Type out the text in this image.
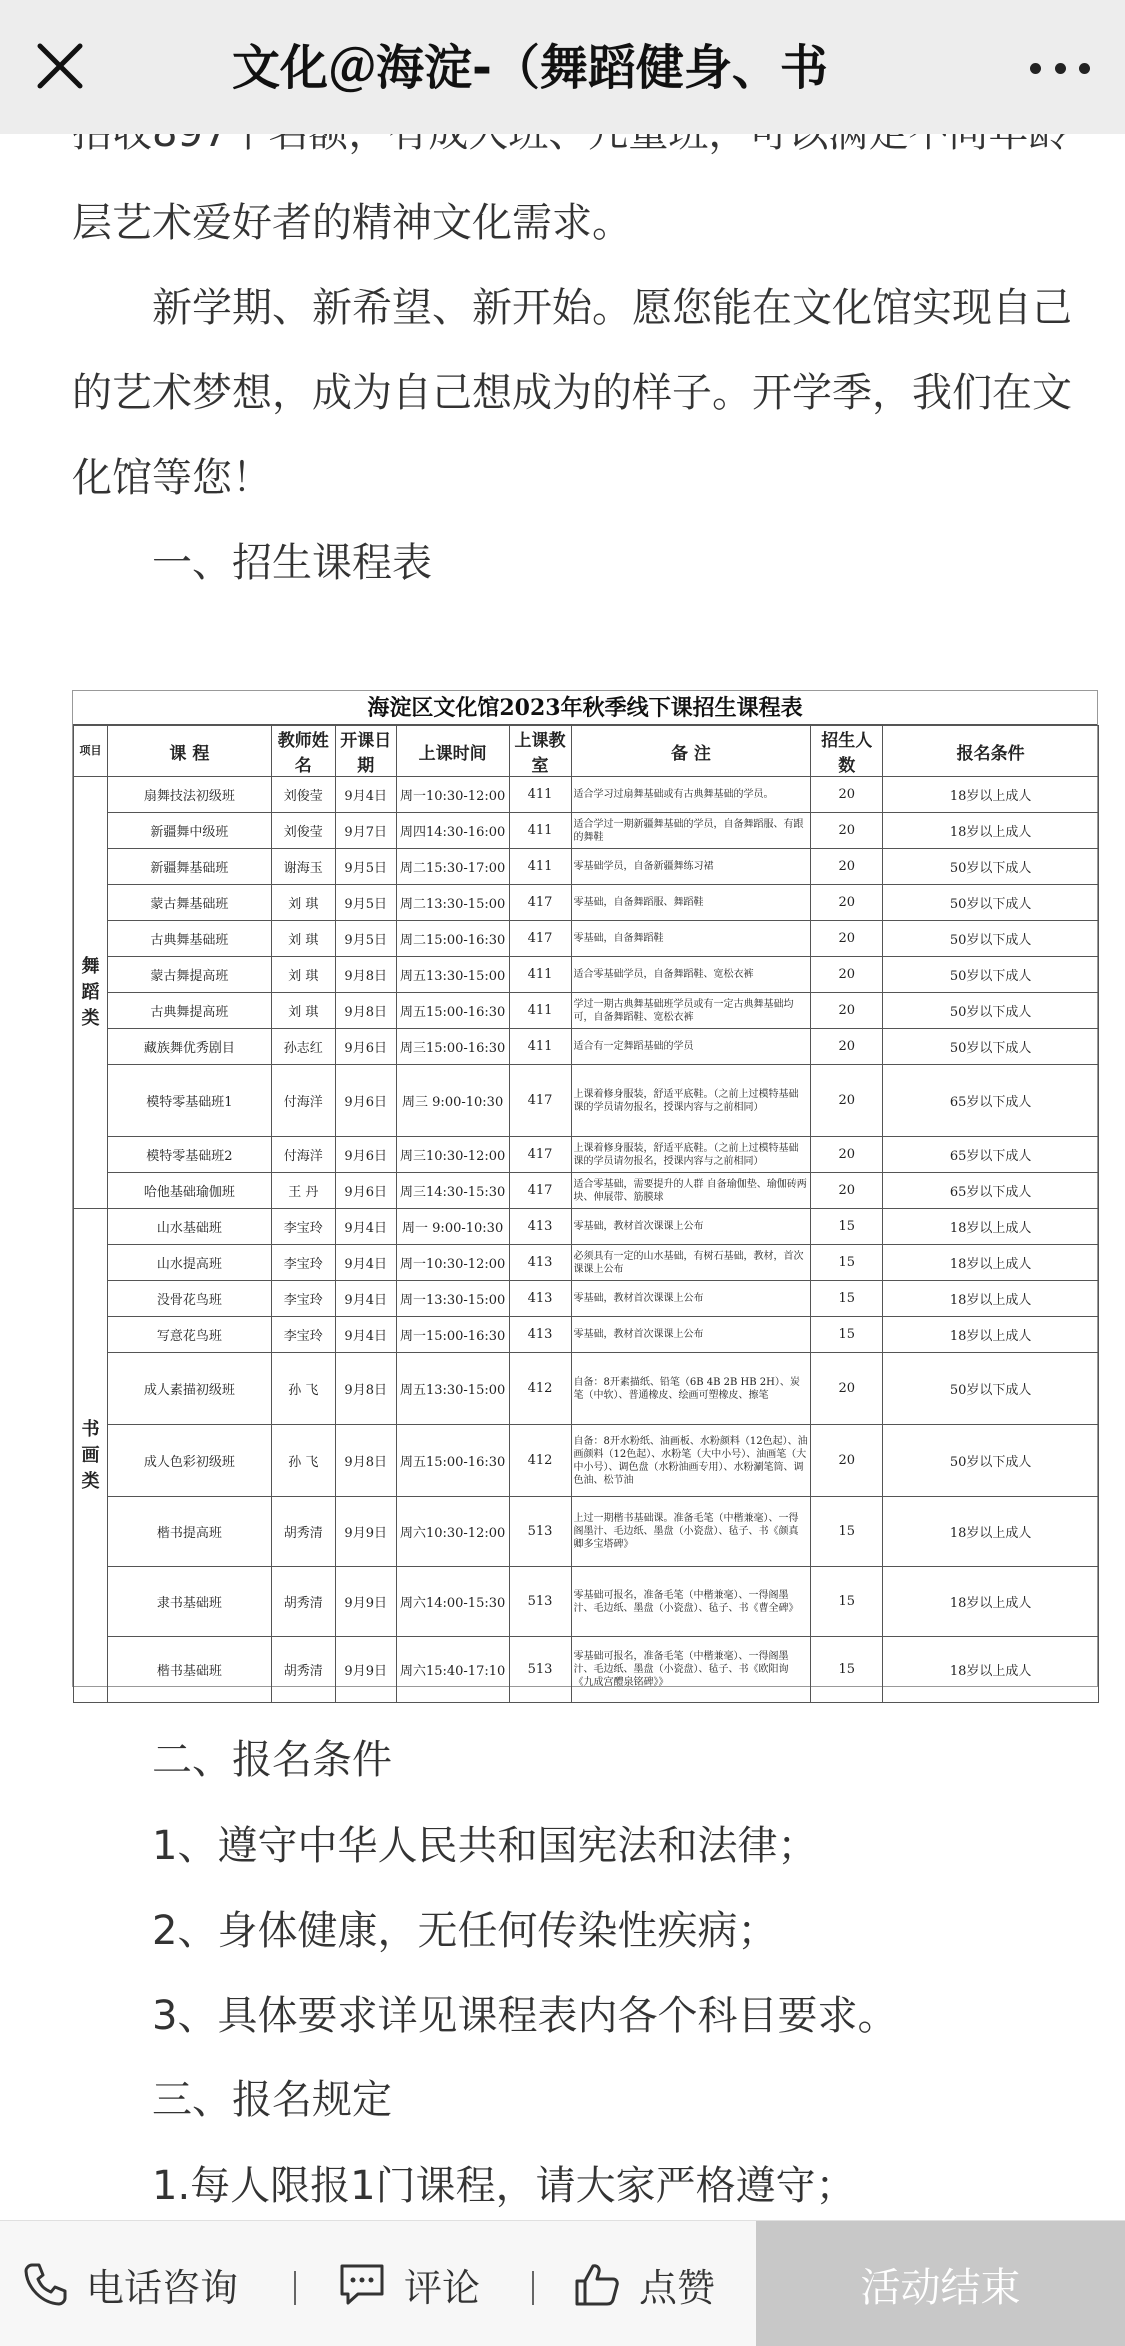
层艺术爱好者的精神文化需求。
新学期、新希望、新开始。愿您能在文化馆实现自己
的艺术梦想，成为自己想成为的样子。开学季，我们在文
化馆等您！
一、招生课程表
海淀区文化馆2023年秋季线下课招生课程表
项目	课 程	教师姓名	开课日期	上课时间	上课教室	备 注	招生人数	报名条件
舞
蹈
类	扇舞技法初级班	刘俊莹	9月4日	周一10:30-12:00	411	适合学习过扇舞基础或有古典舞基础的学员。	20	18岁以上成人
	新疆舞中级班	刘俊莹	9月7日	周四14:30-16:00	411	适合学过一期新疆舞基础的学员，自备舞蹈服、有跟的舞鞋	20	18岁以上成人
	新疆舞基础班	谢海玉	9月5日	周二15:30-17:00	411	零基础学员，自备新疆舞练习裙	20	50岁以下成人
	蒙古舞基础班	刘 琪	9月5日	周二13:30-15:00	417	零基础，自备舞蹈服、舞蹈鞋	20	50岁以下成人
	古典舞基础班	刘 琪	9月5日	周二15:00-16:30	417	零基础，自备舞蹈鞋	20	50岁以下成人
	蒙古舞提高班	刘 琪	9月8日	周五13:30-15:00	411	适合零基础学员，自备舞蹈鞋、宽松衣裤	20	50岁以下成人
	古典舞提高班	刘 琪	9月8日	周五15:00-16:30	411	学过一期古典舞基础班学员或有一定古典舞基础均可，自备舞蹈鞋、宽松衣裤	20	50岁以下成人
	藏族舞优秀剧目	孙志红	9月6日	周三15:00-16:30	411	适合有一定舞蹈基础的学员	20	50岁以下成人
	模特零基础班1	付海洋	9月6日	周三 9:00-10:30	417	上课着修身服装，舒适平底鞋。（之前上过模特基础课的学员请勿报名，授课内容与之前相同）	20	65岁以下成人
	模特零基础班2	付海洋	9月6日	周三10:30-12:00	417	上课着修身服装，舒适平底鞋。（之前上过模特基础课的学员请勿报名，授课内容与之前相同）	20	65岁以下成人
	哈他基础瑜伽班	王 丹	9月6日	周三14:30-15:30	417	适合零基础，需要提升的人群 自备瑜伽垫、瑜伽砖两块、伸展带、筋膜球	20	65岁以下成人
书
画
类	山水基础班	李宝玲	9月4日	周一 9:00-10:30	413	零基础，教材首次课课上公布	15	18岁以上成人
	山水提高班	李宝玲	9月4日	周一10:30-12:00	413	必须具有一定的山水基础，有树石基础，教材，首次课课上公布	15	18岁以上成人
	没骨花鸟班	李宝玲	9月4日	周一13:30-15:00	413	零基础，教材首次课课上公布	15	18岁以上成人
	写意花鸟班	李宝玲	9月4日	周一15:00-16:30	413	零基础，教材首次课课上公布	15	18岁以上成人
	成人素描初级班	孙 飞	9月8日	周五13:30-15:00	412	自备：8开素描纸、铅笔（6B 4B 2B HB 2H）、炭笔（中软）、普通橡皮、绘画可塑橡皮、擦笔	20	50岁以下成人
	成人色彩初级班	孙 飞	9月8日	周五15:00-16:30	412	自备：8开水粉纸、油画板、水粉颜料（12色起）、油画颜料（12色起）、水粉笔（大中小号）、油画笔（大中小号）、调色盘（水粉油画专用）、水粉涮笔筒、调色油、松节油	20	50岁以下成人
	楷书提高班	胡秀清	9月9日	周六10:30-12:00	513	上过一期楷书基础课。准备毛笔（中楷兼毫）、一得阁墨汁、毛边纸、墨盘（小瓷盘）、毡子、书《颜真卿多宝塔碑》	15	18岁以上成人
	隶书基础班	胡秀清	9月9日	周六14:00-15:30	513	零基础可报名，准备毛笔（中楷兼毫）、一得阁墨汁、毛边纸、墨盘（小瓷盘）、毡子、书《曹全碑》	15	18岁以上成人
	楷书基础班	胡秀清	9月9日	周六15:40-17:10	513	零基础可报名，准备毛笔（中楷兼毫）、一得阁墨汁、毛边纸、墨盘（小瓷盘）、毡子、书《欧阳询《九成宫醴泉铭碑》》	15	18岁以上成人
二、报名条件
1、遵守中华人民共和国宪法和法律；
2、身体健康，无任何传染性疾病；
3、具体要求详见课程表内各个科目要求。
三、报名规定
1.每人限报1门课程，请大家严格遵守；
文化＠海淀-（舞蹈健身、书
电话咨询	评论	点赞	活动结束
